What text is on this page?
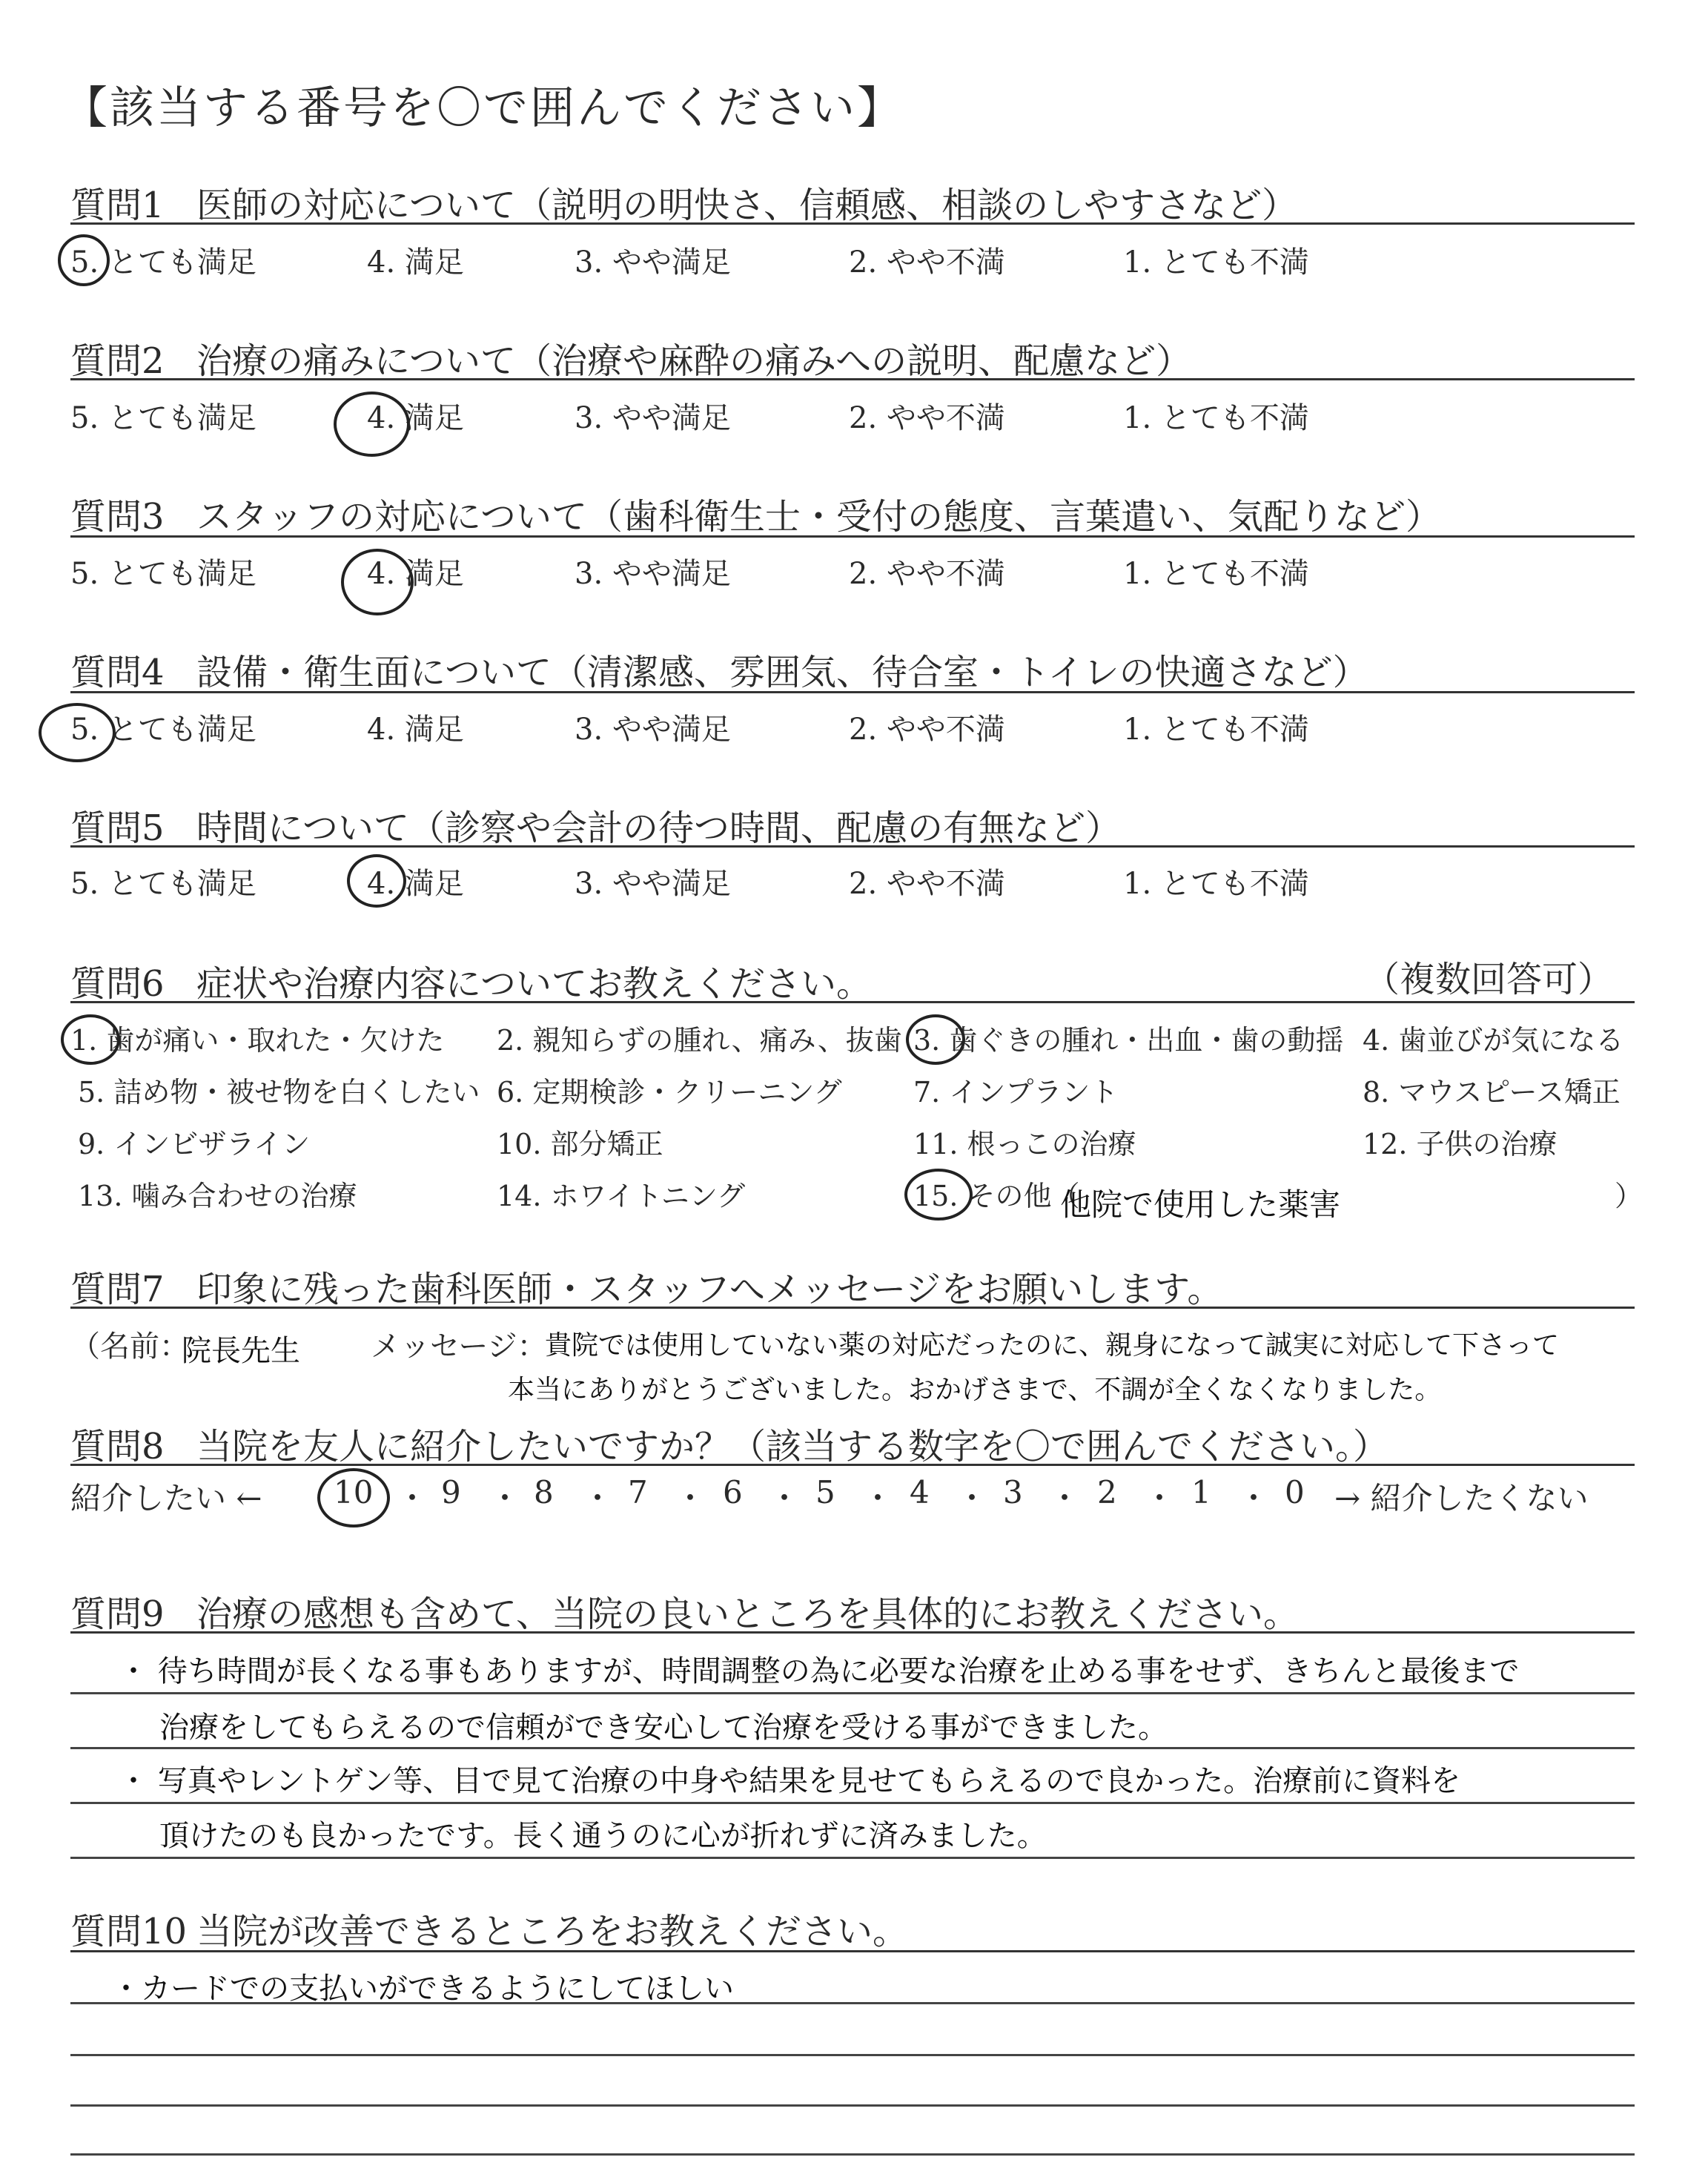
【該当する番号を〇で囲んでください】
質問1 医師の対応について（説明の明快さ、信頼感、相談のしやすさなど）
5. とても満足	4. 満足	3. やや満足	2. やや不満	1. とても不満
質問2 治療の痛みについて（治療や麻酔の痛みへの説明、配慮など）
5. とても満足	4. 満足	3. やや満足	2. やや不満	1. とても不満
質問3 スタッフの対応について（歯科衛生士・受付の態度、言葉遣い、気配りなど）
5. とても満足	4. 満足	3. やや満足	2. やや不満	1. とても不満
質問4 設備・衛生面について（清潔感、雰囲気、待合室・トイレの快適さなど）
5. とても満足	4. 満足	3. やや満足	2. やや不満	1. とても不満
質問5 時間について（診察や会計の待つ時間、配慮の有無など）
5. とても満足	4. 満足	3. やや満足	2. やや不満	1. とても不満
質問6 症状や治療内容についてお教えください。	（複数回答可）
1. 歯が痛い・取れた・欠けた 2. 親知らずの腫れ、痛み、抜歯 3. 歯ぐきの腫れ・出血・歯の動揺 4. 歯並びが気になる
5. 詰め物・被せ物を白くしたい 6. 定期検診・クリーニング	7. インプラント	8. マウスピース矯正
9. インビザライン	10. 部分矯正	11. 根っこの治療	12. 子供の治療
13. 噛み合わせの治療	14. ホワイトニング	15. その他（	）
他院で使用した薬害
質問7 印象に残った歯科医師・スタッフへメッセージをお願いします。
（名前：
院長先生 メッセージ：
貴院では使用していない薬の対応だったのに、親身になって誠実に対応して下さって
本当にありがとうございました。おかげさまで、不調が全くなくなりました。
質問8 当院を友人に紹介したいですか？（該当する数字を〇で囲んでください。）
紹介したい ← 10 ・ 9 ・ 8 ・ 7 ・ 6 ・ 5 ・ 4 ・ 3 ・ 2 ・ 1 ・ 0 → 紹介したくない
質問9 治療の感想も含めて、当院の良いところを具体的にお教えください。
・ 待ち時間が長くなる事もありますが、時間調整の為に必要な治療を止める事をせず、きちんと最後まで
治療をしてもらえるので信頼ができ安心して治療を受ける事ができました。
・ 写真やレントゲン等、目で見て治療の中身や結果を見せてもらえるので良かった。治療前に資料を
頂けたのも良かったです。長く通うのに心が折れずに済みました。
質問10 当院が改善できるところをお教えください。
・カードでの支払いができるようにしてほしい
